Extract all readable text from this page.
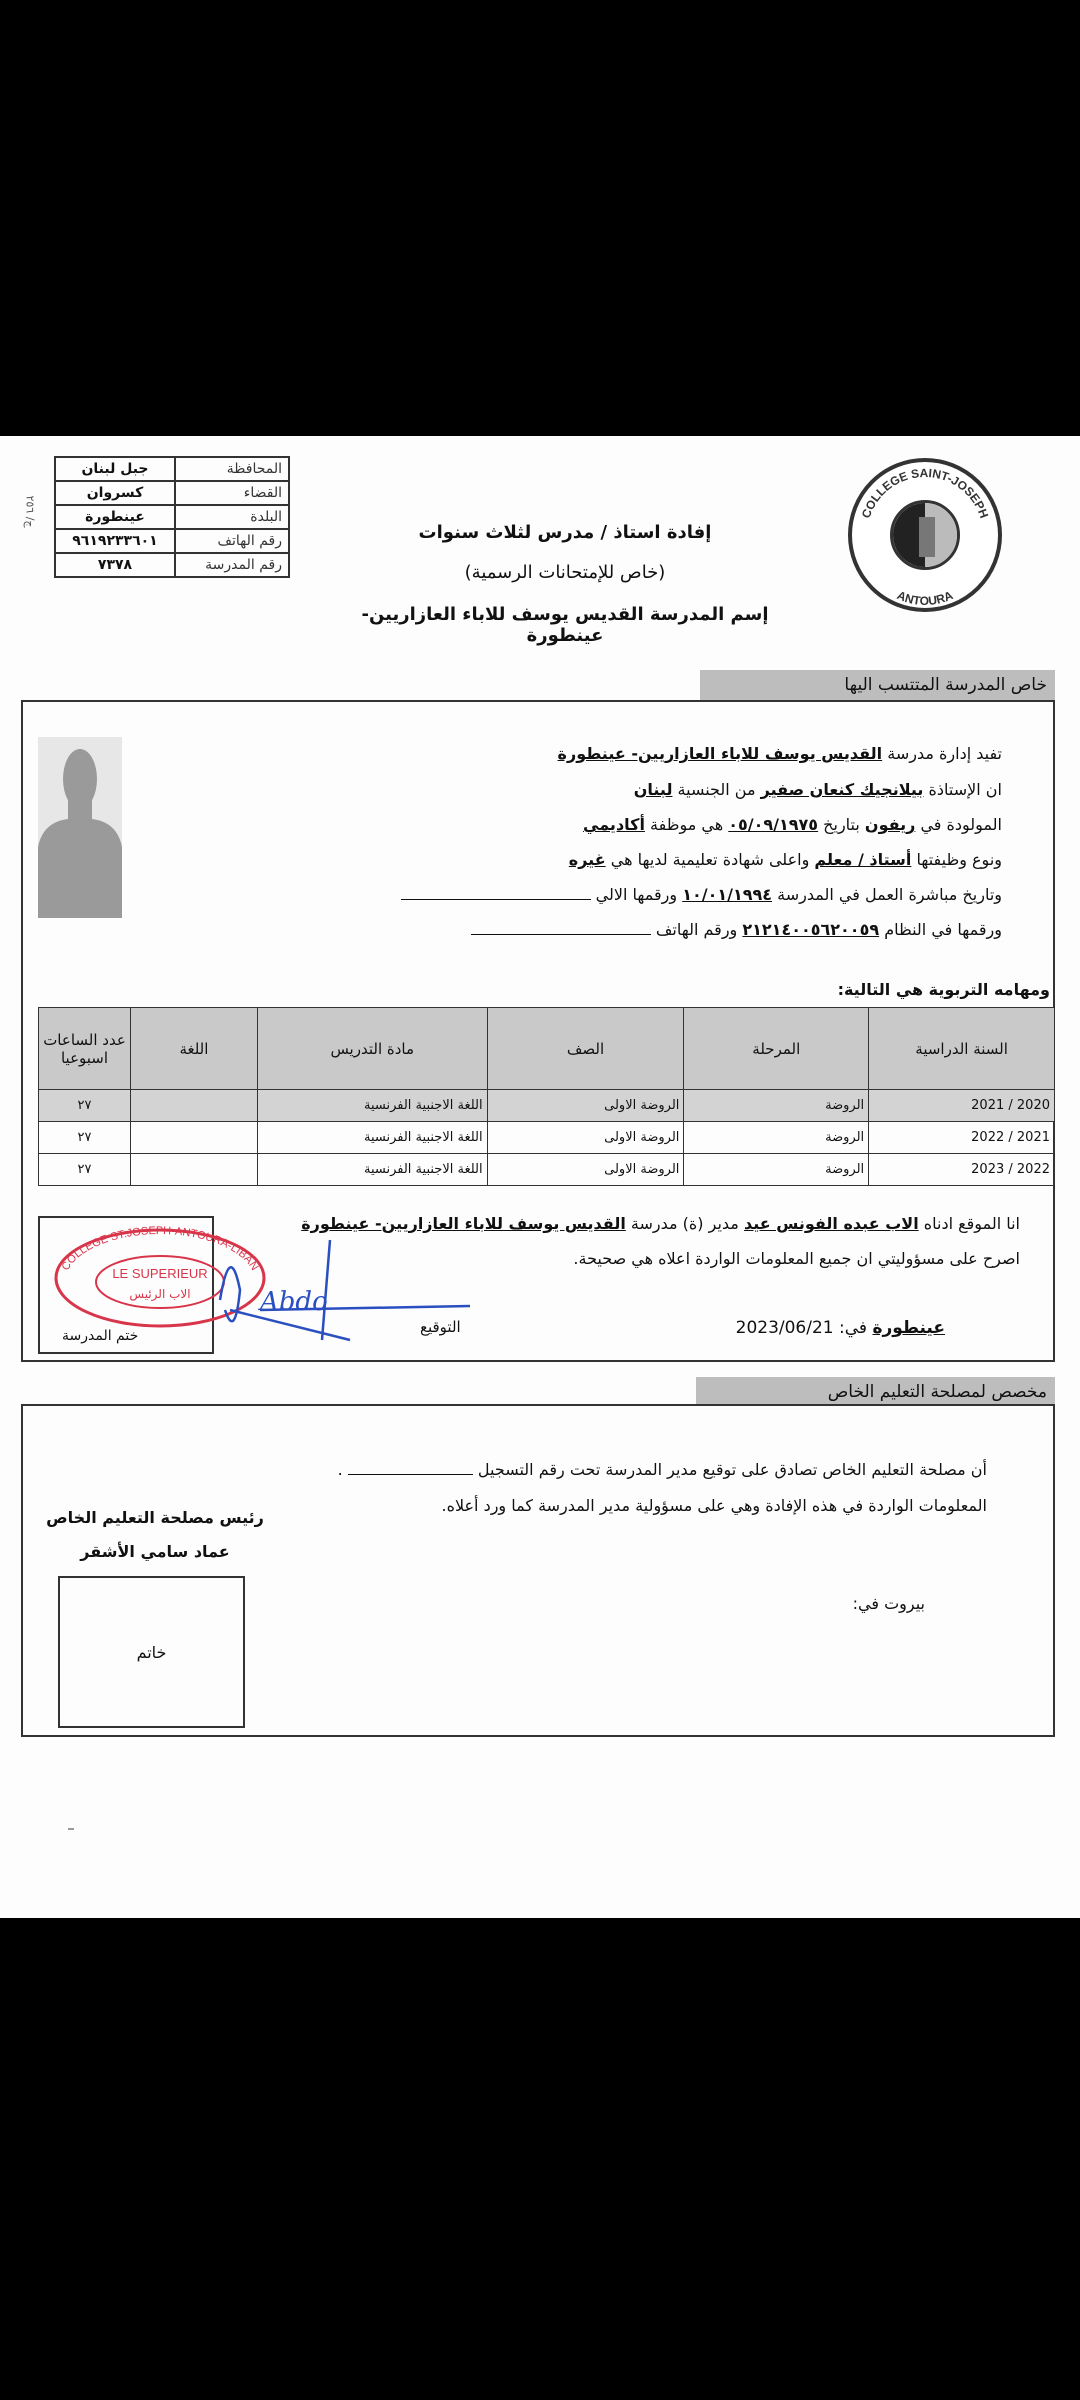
ج/ ٢٥٦
المحافظة	جبل لبنان
القضاء	كسروان
البلدة	عينطورة
رقم الهاتف	٩٦١٩٢٣٣٦٠١
رقم المدرسة	٧٣٧٨
إفادة استاذ / مدرس لثلاث سنوات
(خاص للإمتحانات الرسمية)
إسم المدرسة القديس يوسف للاباء العازاريين- عينطورة
COLLEGE SAINT-JOSEPH
ANTOURA
خاص المدرسة المتتسب اليها
تفيد إدارة مدرسة القديس يوسف للاباء العازاريين- عينطورة
ان الإستاذة بيلانجيك كنعان صفير من الجنسية لبنان
المولودة في ريفون بتاريخ ٠٥/٠٩/١٩٧٥ هي موظفة أكاديمي
ونوع وظيفتها أستاذ / معلم واعلى شهادة تعليمية لديها هي غيره
وتاريخ مباشرة العمل في المدرسة ١٠/٠١/١٩٩٤ ورقمها الالي
ورقمها في النظام ٢١٢١٤٠٠٥٦٢٠٠٥٩ ورقم الهاتف
ومهامه التربوية هي التالية:
السنة الدراسية	المرحلة	الصف	مادة التدريس	اللغة	عدد الساعات اسبوعيا
2020 / 2021	الروضة	الروضة الاولى	اللغة الاجنبية الفرنسية		٢٧
2021 / 2022	الروضة	الروضة الاولى	اللغة الاجنبية الفرنسية		٢٧
2022 / 2023	الروضة	الروضة الاولى	اللغة الاجنبية الفرنسية		٢٧
انا الموقع ادناه الاب عبده الفونس عيد مدير (ة) مدرسة القديس يوسف للاباء العازاريين- عينطورة
اصرح على مسؤوليتي ان جميع المعلومات الواردة اعلاه هي صحيحة.
عينطورة في: 2023/06/21
التوقيع
COLLEGE ST.JOSEPH-ANTOURA-LIBAN
LE SUPERIEUR
الاب الرئيس
ختم المدرسة
Abdo
مخصص لمصلحة التعليم الخاص
أن مصلحة التعليم الخاص تصادق على توقيع مدير المدرسة تحت رقم التسجيل  .
المعلومات الواردة في هذه الإفادة وهي على مسؤولية مدير المدرسة كما ورد أعلاه.
بيروت في:
رئيس مصلحة التعليم الخاص
عماد سامي الأشقر
خاتم
